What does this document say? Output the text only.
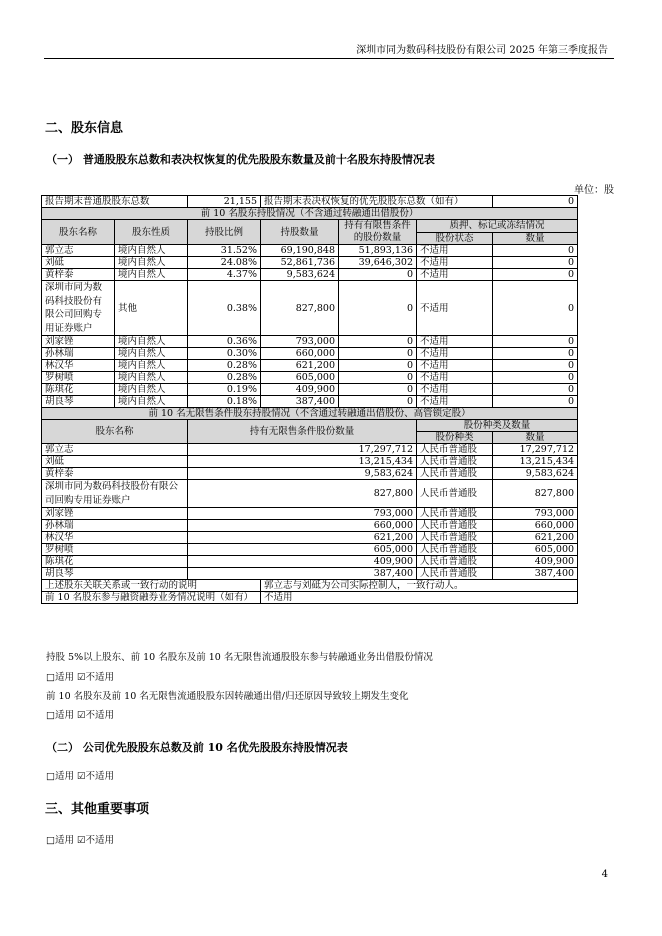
深圳市同为数码科技股份有限公司 2025 年第三季度报告
二、股东信息
（一） 普通股股东总数和表决权恢复的优先股股东数量及前十名股东持股情况表
单位：股
报告期末普通股股东总数		21,155	报告期末表决权恢复的优先股股东总数（如有）			0
前 10 名股东持股情况（不含通过转融通出借股份）						
股东名称	股东性质	持股比例	持股数量	持有有限售条件的股份数量	质押、标记或冻结情况	
					股份状态	数量
郭立志	境内自然人	31.52%	69,190,848	51,893,136	不适用	0
刘砥	境内自然人	24.08%	52,861,736	39,646,302	不适用	0
黄梓泰	境内自然人	4.37%	9,583,624	0	不适用	0
深圳市同为数码科技股份有限公司回购专用证券账户	其他	0.38%	827,800	0	不适用	0
刘家锉	境内自然人	0.36%	793,000	0	不适用	0
孙林瑞	境内自然人	0.30%	660,000	0	不适用	0
林汉华	境内自然人	0.28%	621,200	0	不适用	0
罗树喷	境内自然人	0.28%	605,000	0	不适用	0
陈琪花	境内自然人	0.19%	409,900	0	不适用	0
胡良琴	境内自然人	0.18%	387,400	0	不适用	0
前 10 名无限售条件股东持股情况（不含通过转融通出借股份、高管锁定股）						
股东名称		持有无限售条件股份数量			股份种类及数量	
					股份种类	数量
郭立志		17,297,712			人民币普通股	17,297,712
刘砥		13,215,434			人民币普通股	13,215,434
黄梓泰		9,583,624			人民币普通股	9,583,624
深圳市同为数码科技股份有限公司回购专用证券账户		827,800			人民币普通股	827,800
刘家锉		793,000			人民币普通股	793,000
孙林瑞		660,000			人民币普通股	660,000
林汉华		621,200			人民币普通股	621,200
罗树喷		605,000			人民币普通股	605,000
陈琪花		409,900			人民币普通股	409,900
胡良琴		387,400			人民币普通股	387,400
上述股东关联关系或一致行动的说明			郭立志与刘砥为公司实际控制人，一致行动人。			
前 10 名股东参与融资融券业务情况说明（如有）			不适用			
持股 5%以上股东、前 10 名股东及前 10 名无限售流通股股东参与转融通业务出借股份情况
□适用 ☑不适用
前 10 名股东及前 10 名无限售流通股股东因转融通出借/归还原因导致较上期发生变化
□适用 ☑不适用
（二） 公司优先股股东总数及前 10 名优先股股东持股情况表
□适用 ☑不适用
三、其他重要事项
□适用 ☑不适用
4
